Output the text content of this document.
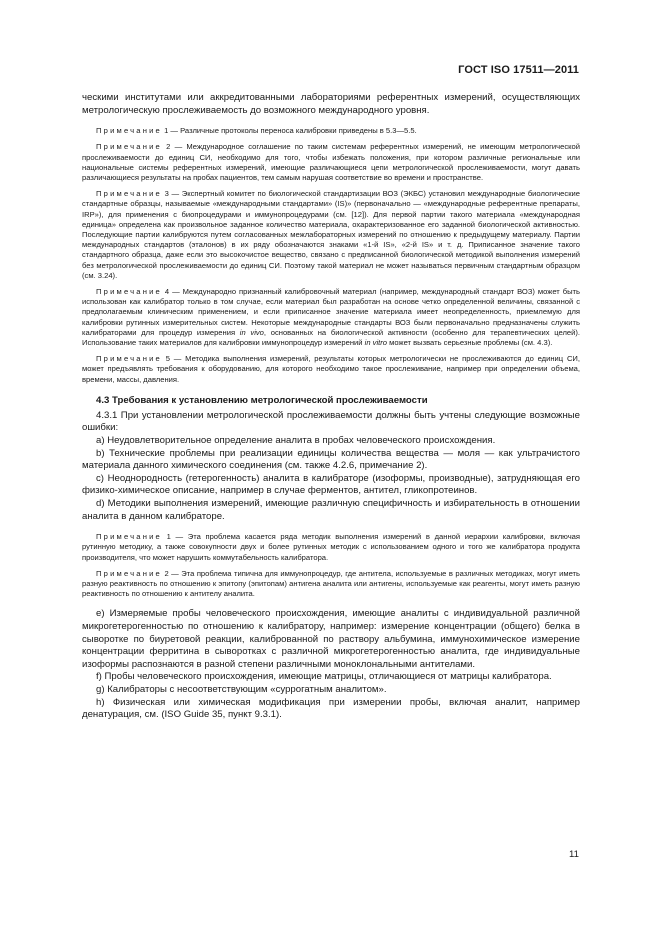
ГОСТ ISO 17511—2011

ческими институтами или аккредитованными лабораториями референтных измерений, осуществляющих метрологическую прослеживаемость до возможного международного уровня.

Примечание 1 — Различные протоколы переноса калибровки приведены в 5.3—5.5.

Примечание 2 — Международное соглашение по таким системам референтных измерений, не имеющим метрологической прослеживаемости до единиц СИ, необходимо для того, чтобы избежать положения, при котором различные региональные или национальные системы референтных измерений, имеющие различающиеся цепи метрологической прослеживаемости, могут давать различающиеся результаты на пробах пациентов, тем самым нарушая соответствие во времени и пространстве.

Примечание 3 — Экспертный комитет по биологической стандартизации ВОЗ (ЭКБС) установил международные биологические стандартные образцы, называемые «международными стандартами» (IS)» (первоначально — «международные референтные препараты, IRP»), для применения с биопроцедурами и иммунопроцедурами (см. [12]). Для первой партии такого материала «международная единица» определена как произвольное заданное количество материала, охарактеризованное его заданной биологической активностью. Последующие партии калибруются путем согласованных межлабораторных измерений по отношению к предыдущему материалу. Партии международных стандартов (эталонов) в их ряду обозначаются знаками «1-й IS», «2-й IS» и т. д. Приписанное значение такого стандартного образца, даже если это высокочистое вещество, связано с предписанной биологической методикой выполнения измерений без метрологической прослеживаемости до единиц СИ. Поэтому такой материал не может называться первичным стандартным образцом (см. 3.24).

Примечание 4 — Международно признанный калибровочный материал (например, международный стандарт ВОЗ) может быть использован как калибратор только в том случае, если материал был разработан на основе четко определенной величины, связанной с предполагаемым клиническим применением, и если приписанное значение материала имеет неопределенность, приемлемую для калибровки рутинных измерительных систем. Некоторые международные стандарты ВОЗ были первоначально предназначены служить калибраторами для процедур измерения in vivo, основанных на биологической активности (особенно для терапевтических целей). Использование таких материалов для калибровки иммунопроцедур измерений in vitro может вызвать серьезные проблемы (см. 4.3).

Примечание 5 — Методика выполнения измерений, результаты которых метрологически не прослеживаются до единиц СИ, может предъявлять требования к оборудованию, для которого необходимо такое прослеживание, например при определении объема, времени, массы, давления.

4.3 Требования к установлению метрологической прослеживаемости

4.3.1 При установлении метрологической прослеживаемости должны быть учтены следующие возможные ошибки:

a) Неудовлетворительное определение аналита в пробах человеческого происхождения.

b) Технические проблемы при реализации единицы количества вещества — моля — как ультрачистого материала данного химического соединения (см. также 4.2.6, примечание 2).

c) Неоднородность (гетерогенность) аналита в калибраторе (изоформы, производные), затрудняющая его физико-химическое описание, например в случае ферментов, антител, гликопротеинов.

d) Методики выполнения измерений, имеющие различную специфичность и избирательность в отношении аналита в данном калибраторе.

Примечание 1 — Эта проблема касается ряда методик выполнения измерений в данной иерархии калибровки, включая рутинную методику, а также совокупности двух и более рутинных методик с использованием одного и того же калибратора продукта производителя, что может нарушить коммутабельность калибратора.

Примечание 2 — Эта проблема типична для иммунопроцедур, где антитела, используемые в различных методиках, могут иметь разную реактивность по отношению к эпитопу (эпитопам) антигена аналита или антигены, используемые как реагенты, могут иметь разную реактивность по отношению к антителу аналита.

e) Измеряемые пробы человеческого происхождения, имеющие аналиты с индивидуальной различной микрогетерогенностью по отношению к калибратору, например: измерение концентрации (общего) белка в сыворотке по биуретовой реакции, калиброванной по раствору альбумина, иммунохимическое измерение концентрации ферритина в сыворотках с различной микрогетерогенностью аналита, где индивидуальные изоформы распознаются в разной степени различными моноклональными антителами.

f) Пробы человеческого происхождения, имеющие матрицы, отличающиеся от матрицы калибратора.

g) Калибраторы с несоответствующим «суррогатным аналитом».

h) Физическая или химическая модификация при измерении пробы, включая аналит, например денатурация, см. (ISO Guide 35, пункт 9.3.1).

11
